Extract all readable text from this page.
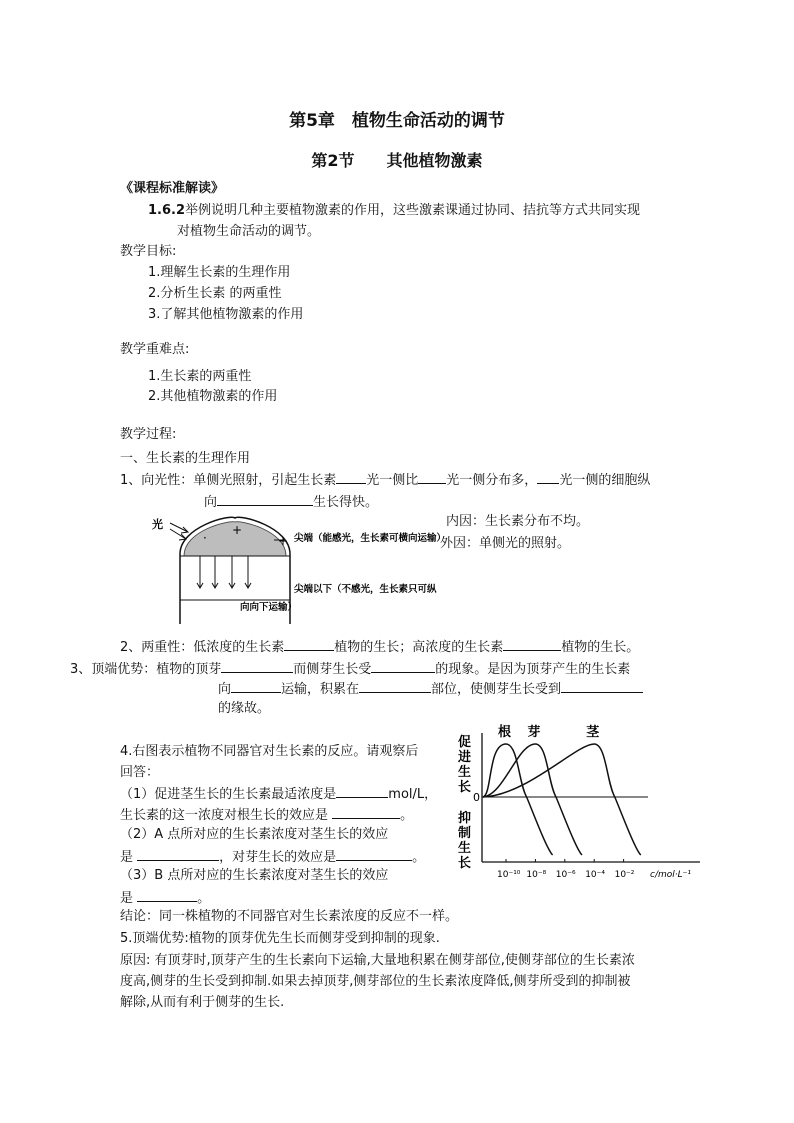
第5章　植物生命活动的调节
第2节　　其他植物激素
《课程标准解读》
1.6.2举例说明几种主要植物激素的作用，这些激素课通过协同、拮抗等方式共同实现
对植物生命活动的调节。
教学目标:
1.理解生长素的生理作用
2.分析生长素 的两重性
3.了解其他植物激素的作用
教学重难点:
1.生长素的两重性
2.其他植物激素的作用
教学过程:
一、生长素的生理作用
1、向光性：单侧光照射，引起生长素 光一侧比 光一侧分布多， 光一侧的细胞纵
向	生长得快。
光
·
+
+ 尖端（能感光，生长素可横向运输）
尖端以下（不感光，生长素只可纵
向向下运输）
内因：生长素分布不均。
外因：单侧光的照射。
2、两重性：低浓度的生长素	植物的生长；高浓度的生长素	植物的生长。
3、顶端优势：植物的顶芽	而侧芽生长受	的现象。是因为顶芽产生的生长素
向	运输，积累在	部位，使侧芽生长受到
的缘故。
4.右图表示植物不同器官对生长素的反应。请观察后
回答：
（1）促进茎生长的生长素最适浓度是	mol/L，
生长素的这一浓度对根生长的效应是	。
（2）A 点所对应的生长素浓度对茎生长的效应
是	，对芽生长的效应是	。
（3）B 点所对应的生长素浓度对茎生长的效应
是	。
0
促
进
生
长
抑
制
生
长
10⁻¹⁰ 10⁻⁸ 10⁻⁶ 10⁻⁴ 10⁻² c/mol·L⁻¹
根 芽	茎
结论：同一株植物的不同器官对生长素浓度的反应不一样。
5.顶端优势:植物的顶芽优先生长而侧芽受到抑制的现象.
原因: 有顶芽时,顶芽产生的生长素向下运输,大量地积累在侧芽部位,使侧芽部位的生长素浓
度高,侧芽的生长受到抑制.如果去掉顶芽,侧芽部位的生长素浓度降低,侧芽所受到的抑制被
解除,从而有利于侧芽的生长.
